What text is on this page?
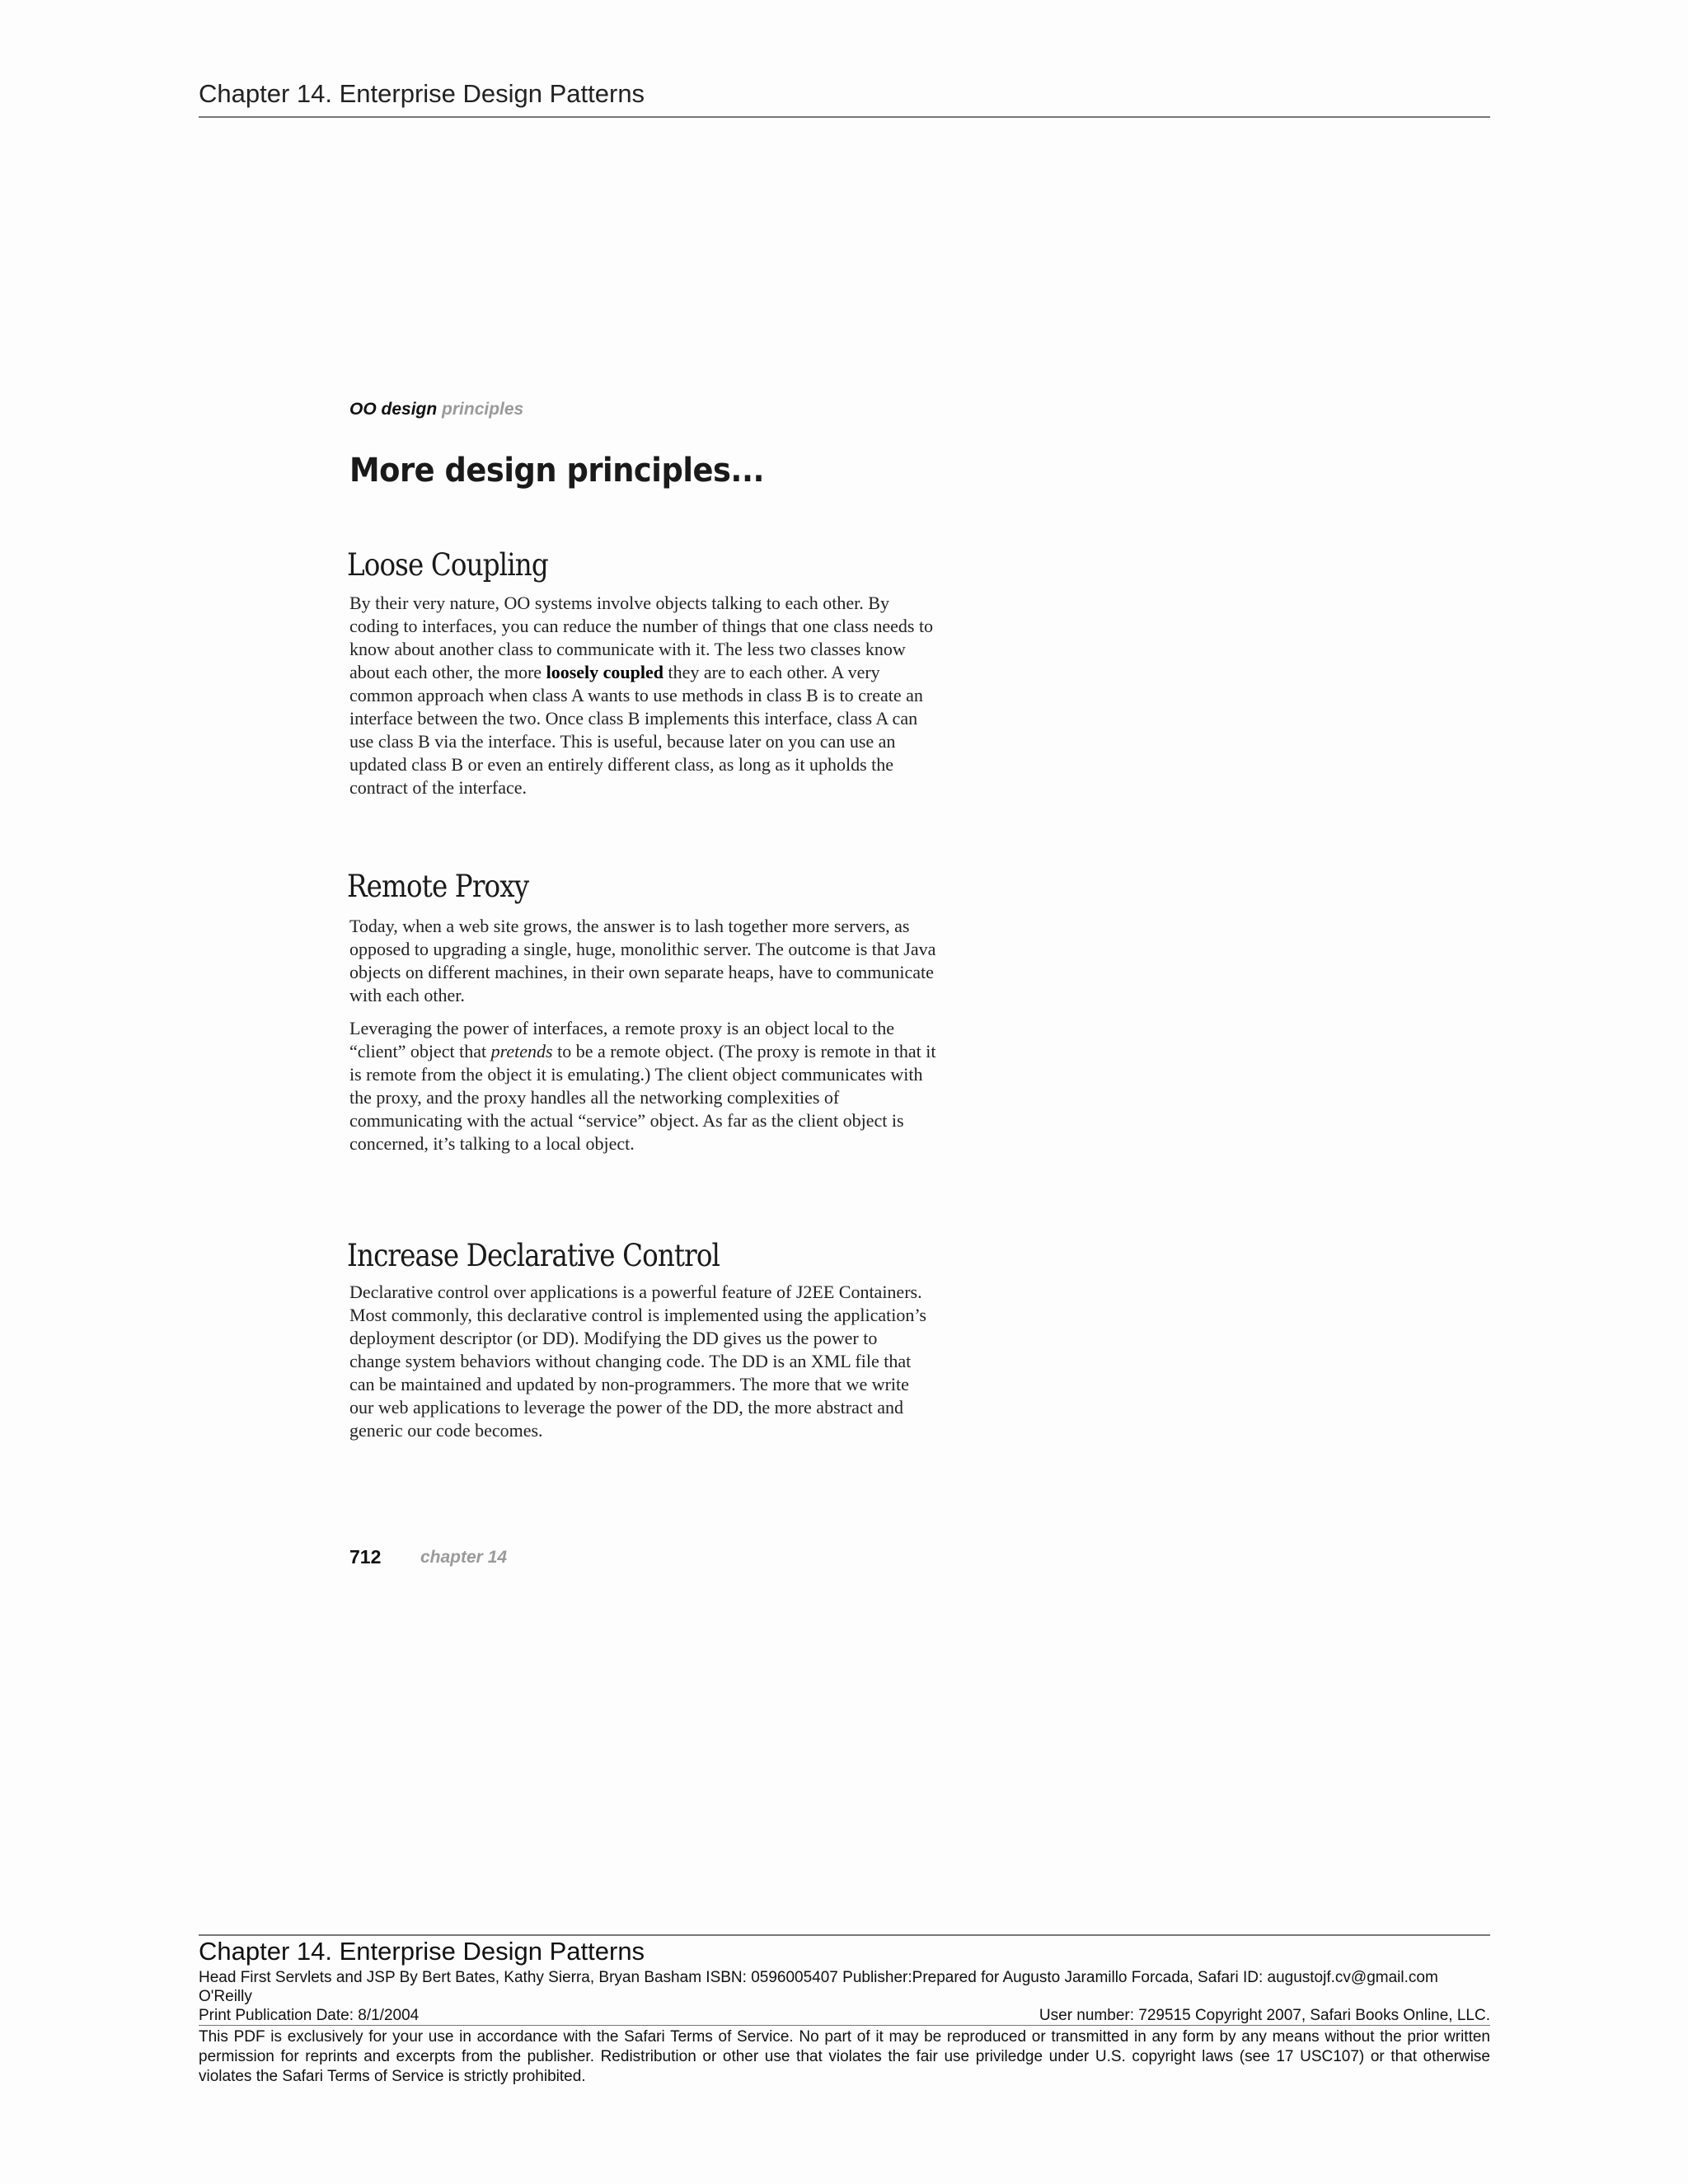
Chapter 14. Enterprise Design Patterns
OO design principles
More design principles...
Loose Coupling

By their very nature, OO systems involve objects talking to each other. By coding to interfaces, you can reduce the number of things that one class needs to know about another class to communicate with it. The less two classes know about each other, the more loosely coupled they are to each other. A very common approach when class A wants to use methods in class B is to create an interface between the two. Once class B implements this interface, class A can use class B via the interface. This is useful, because later on you can use an updated class B or even an entirely different class, as long as it upholds the contract of the interface.

Remote Proxy

Today, when a web site grows, the answer is to lash together more servers, as opposed to upgrading a single, huge, monolithic server. The outcome is that Java objects on different machines, in their own separate heaps, have to communicate with each other.

Leveraging the power of interfaces, a remote proxy is an object local to the “client” object that pretends to be a remote object. (The proxy is remote in that it is remote from the object it is emulating.) The client object communicates with the proxy, and the proxy handles all the networking complexities of communicating with the actual “service” object. As far as the client object is concerned, it’s talking to a local object.

Increase Declarative Control

Declarative control over applications is a powerful feature of J2EE Containers. Most commonly, this declarative control is implemented using the application’s deployment descriptor (or DD). Modifying the DD gives us the power to change system behaviors without changing code. The DD is an XML file that can be maintained and updated by non-programmers. The more that we write our web applications to leverage the power of the DD, the more abstract and generic our code becomes.

712 chapter 14
Chapter 14. Enterprise Design Patterns
Head First Servlets and JSP By Bert Bates, Kathy Sierra, Bryan Basham ISBN: 0596005407 Publisher:Prepared for Augusto Jaramillo Forcada, Safari ID: augustojf.cv@gmail.com
O'Reilly
Print Publication Date: 8/1/2004	User number: 729515 Copyright 2007, Safari Books Online, LLC.
This PDF is exclusively for your use in accordance with the Safari Terms of Service. No part of it may be reproduced or transmitted in any form by any means without the prior written permission for reprints and excerpts from the publisher. Redistribution or other use that violates the fair use priviledge under U.S. copyright laws (see 17 USC107) or that otherwise violates the Safari Terms of Service is strictly prohibited.
